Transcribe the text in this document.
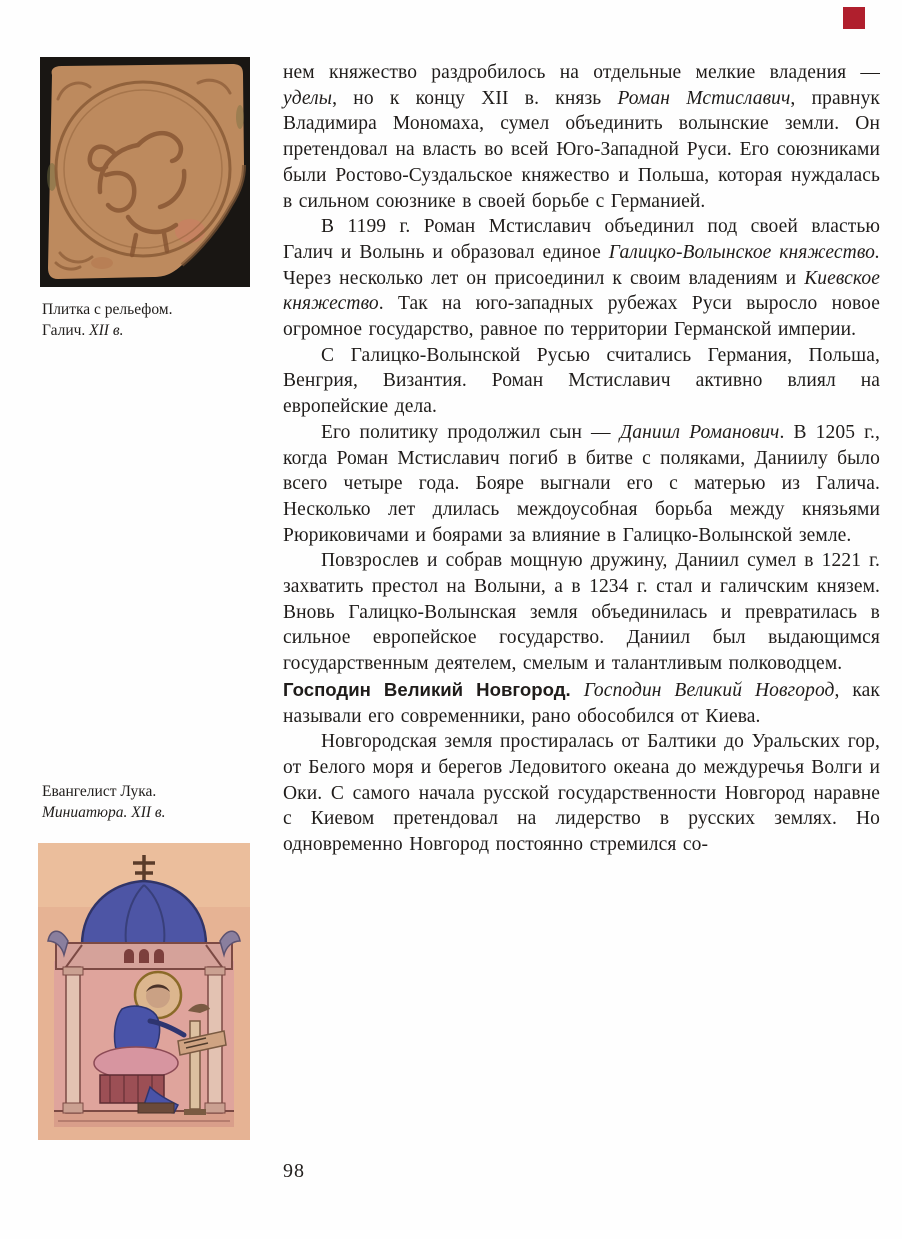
Плитка с рельефом.
Галич. XII в.
Евангелист Лука.
Миниатюра. XII в.

нем княжество раздробилось на отдельные мелкие владения — уделы, но к концу XII в. князь Роман Мстиславич, правнук Владимира Мономаха, сумел объединить волынские земли. Он претендовал на власть во всей Юго-Западной Руси. Его союзниками были Ростово-Суздальское княжество и Польша, которая нуждалась в сильном союзнике в своей борьбе с Германией.

В 1199 г. Роман Мстиславич объединил под своей властью Галич и Волынь и образовал единое Галицко-Волынское княжество. Через несколько лет он присоединил к своим владениям и Киевское княжество. Так на юго-западных рубежах Руси выросло новое огромное государство, равное по территории Германской империи.

С Галицко-Волынской Русью считались Германия, Польша, Венгрия, Византия. Роман Мстиславич активно влиял на европейские дела.

Его политику продолжил сын — Даниил Романович. В 1205 г., когда Роман Мстиславич погиб в битве с поляками, Даниилу было всего четыре года. Бояре выгнали его с матерью из Галича. Несколько лет длилась междоусобная борьба между князьями Рюриковичами и боярами за влияние в Галицко-Волынской земле.

Повзрослев и собрав мощную дружину, Даниил сумел в 1221 г. захватить престол на Волыни, а в 1234 г. стал и галичским князем. Вновь Галицко-Волынская земля объединилась и превратилась в сильное европейское государство. Даниил был выдающимся государственным деятелем, смелым и талантливым полководцем.

Господин Великий Новгород. Господин Великий Новгород, как называли его современники, рано обособился от Киева.

Новгородская земля простиралась от Балтики до Уральских гор, от Белого моря и берегов Ледовитого океана до междуречья Волги и Оки. С самого начала русской государственности Новгород наравне с Киевом претендовал на лидерство в русских землях. Но одновременно Новгород постоянно стремился со-

98
